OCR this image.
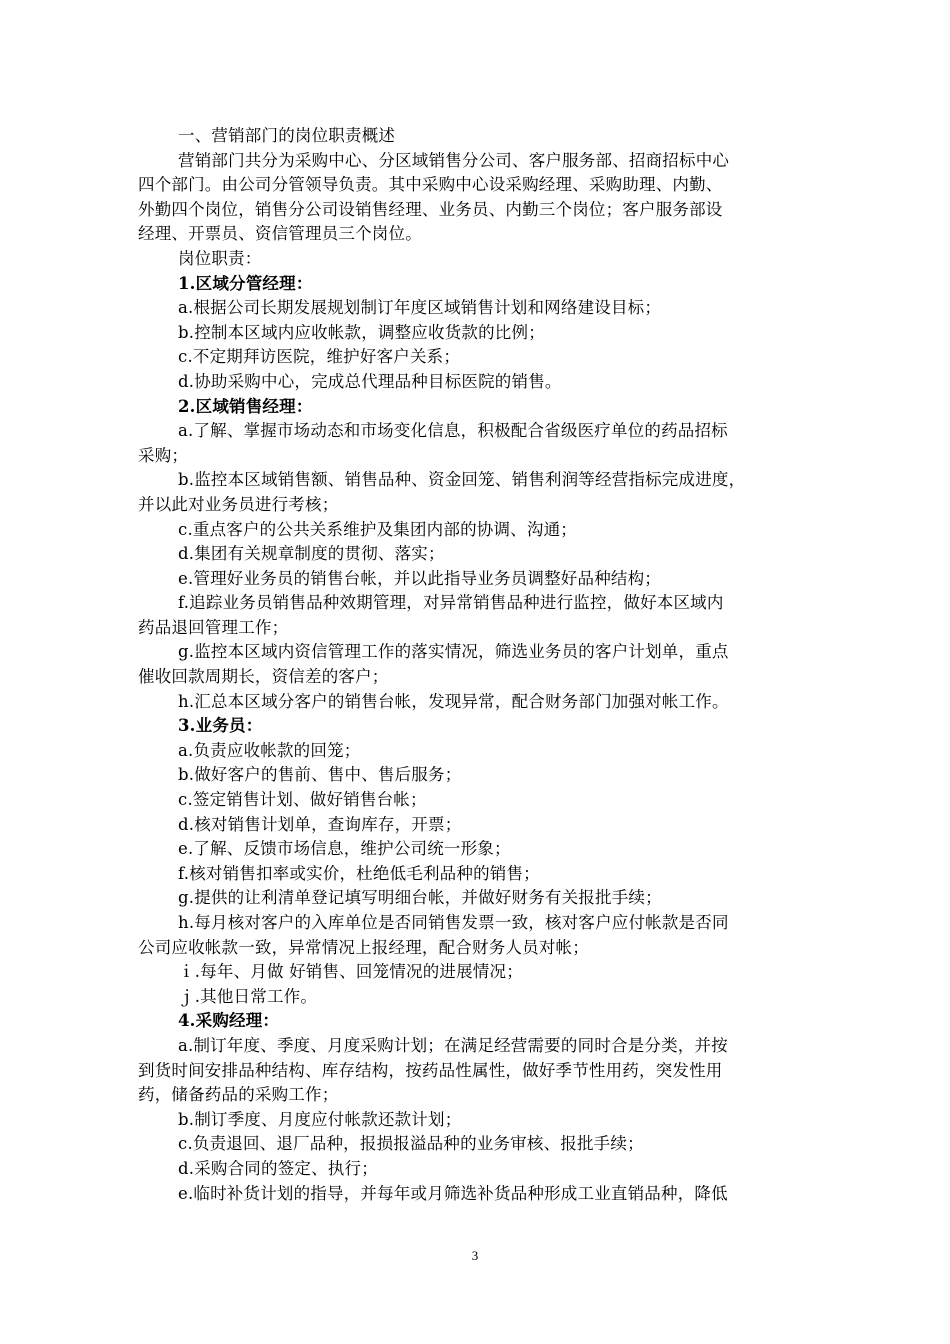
一、营销部门的岗位职责概述
营销部门共分为采购中心、分区域销售分公司、客户服务部、招商招标中心
四个部门。由公司分管领导负责。其中采购中心设采购经理、采购助理、内勤、
外勤四个岗位，销售分公司设销售经理、业务员、内勤三个岗位；客户服务部设
经理、开票员、资信管理员三个岗位。
岗位职责：
1.区域分管经理：
a.根据公司长期发展规划制订年度区域销售计划和网络建设目标；
b.控制本区域内应收帐款，调整应收货款的比例；
c.不定期拜访医院，维护好客户关系；
d.协助采购中心，完成总代理品种目标医院的销售。
2.区域销售经理：
a.了解、掌握市场动态和市场变化信息，积极配合省级医疗单位的药品招标
采购；
b.监控本区域销售额、销售品种、资金回笼、销售利润等经营指标完成进度，
并以此对业务员进行考核；
c.重点客户的公共关系维护及集团内部的协调、沟通；
d.集团有关规章制度的贯彻、落实；
e.管理好业务员的销售台帐，并以此指导业务员调整好品种结构；
f.追踪业务员销售品种效期管理，对异常销售品种进行监控，做好本区域内
药品退回管理工作；
g.监控本区域内资信管理工作的落实情况，筛选业务员的客户计划单，重点
催收回款周期长，资信差的客户；
h.汇总本区域分客户的销售台帐，发现异常，配合财务部门加强对帐工作。
3.业务员：
a.负责应收帐款的回笼；
b.做好客户的售前、售中、售后服务；
c.签定销售计划、做好销售台帐；
d.核对销售计划单，查询库存，开票；
e.了解、反馈市场信息，维护公司统一形象；
f.核对销售扣率或实价，杜绝低毛利品种的销售；
g.提供的让利清单登记填写明细台帐，并做好财务有关报批手续；
h.每月核对客户的入库单位是否同销售发票一致，核对客户应付帐款是否同
公司应收帐款一致，异常情况上报经理，配合财务人员对帐；
ｉ.每年、月做 好销售、回笼情况的进展情况；
ｊ.其他日常工作。
4.采购经理：
a.制订年度、季度、月度采购计划；在满足经营需要的同时合是分类，并按
到货时间安排品种结构、库存结构，按药品性属性，做好季节性用药，突发性用
药，储备药品的采购工作；
b.制订季度、月度应付帐款还款计划；
c.负责退回、退厂品种，报损报溢品种的业务审核、报批手续；
d.采购合同的签定、执行；
e.临时补货计划的指导，并每年或月筛选补货品种形成工业直销品种，降低
3
